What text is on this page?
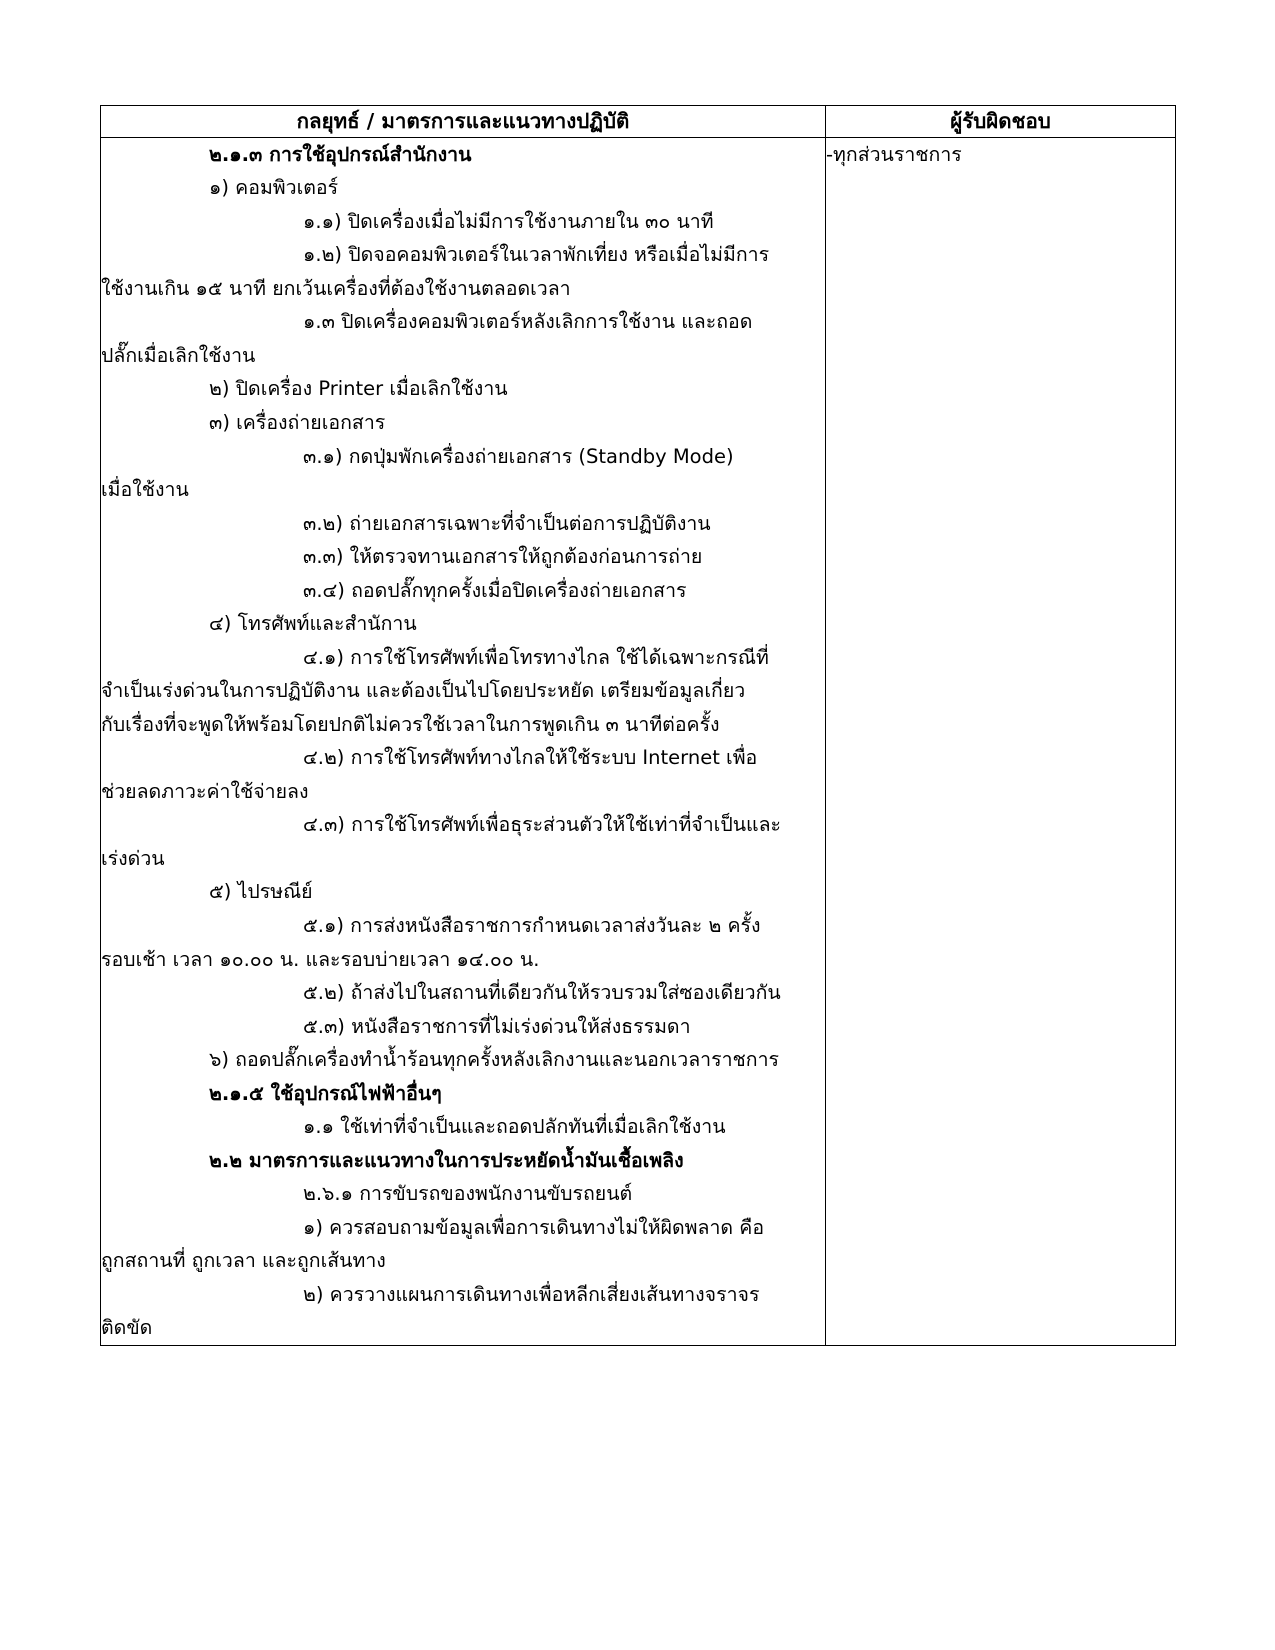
กลยุทธ์ / มาตรการและแนวทางปฏิบัติ	ผู้รับผิดชอบ

๒.๑.๓ การใช้อุปกรณ์สำนักงาน

๑) คอมพิวเตอร์

๑.๑) ปิดเครื่องเมื่อไม่มีการใช้งานภายใน ๓๐ นาที

๑.๒) ปิดจอคอมพิวเตอร์ในเวลาพักเที่ยง หรือเมื่อไม่มีการ

ใช้งานเกิน ๑๕ นาที ยกเว้นเครื่องที่ต้องใช้งานตลอดเวลา

๑.๓ ปิดเครื่องคอมพิวเตอร์หลังเลิกการใช้งาน และถอด

ปลั๊กเมื่อเลิกใช้งาน

๒) ปิดเครื่อง Printer เมื่อเลิกใช้งาน

๓) เครื่องถ่ายเอกสาร

๓.๑) กดปุ่มพักเครื่องถ่ายเอกสาร (Standby Mode)

เมื่อใช้งาน

๓.๒) ถ่ายเอกสารเฉพาะที่จำเป็นต่อการปฏิบัติงาน

๓.๓) ให้ตรวจทานเอกสารให้ถูกต้องก่อนการถ่าย

๓.๔) ถอดปลั๊กทุกครั้งเมื่อปิดเครื่องถ่ายเอกสาร

๔) โทรศัพท์และสำนักาน

๔.๑) การใช้โทรศัพท์เพื่อโทรทางไกล ใช้ได้เฉพาะกรณีที่

จำเป็นเร่งด่วนในการปฏิบัติงาน และต้องเป็นไปโดยประหยัด เตรียมข้อมูลเกี่ยว

กับเรื่องที่จะพูดให้พร้อมโดยปกติไม่ควรใช้เวลาในการพูดเกิน ๓ นาทีต่อครั้ง

๔.๒) การใช้โทรศัพท์ทางไกลให้ใช้ระบบ Internet เพื่อ

ช่วยลดภาวะค่าใช้จ่ายลง

๔.๓) การใช้โทรศัพท์เพื่อธุระส่วนตัวให้ใช้เท่าที่จำเป็นและ

เร่งด่วน

๕) ไปรษณีย์

๕.๑) การส่งหนังสือราชการกำหนดเวลาส่งวันละ ๒ ครั้ง

รอบเช้า เวลา ๑๐.๐๐ น. และรอบบ่ายเวลา ๑๔.๐๐ น.

๕.๒) ถ้าส่งไปในสถานที่เดียวกันให้รวบรวมใส่ซองเดียวกัน

๕.๓) หนังสือราชการที่ไม่เร่งด่วนให้ส่งธรรมดา

๖) ถอดปลั๊กเครื่องทำน้ำร้อนทุกครั้งหลังเลิกงานและนอกเวลาราชการ

๒.๑.๕ ใช้อุปกรณ์ไฟฟ้าอื่นๆ

๑.๑ ใช้เท่าที่จำเป็นและถอดปลักทันที่เมื่อเลิกใช้งาน

๒.๒ มาตรการและแนวทางในการประหยัดน้ำมันเชื้อเพลิง

๒.๖.๑ การขับรถของพนักงานขับรถยนต์

๑) ควรสอบถามข้อมูลเพื่อการเดินทางไม่ให้ผิดพลาด คือ

ถูกสถานที่ ถูกเวลา และถูกเส้นทาง

๒) ควรวางแผนการเดินทางเพื่อหลีกเสี่ยงเส้นทางจราจร

ติดขัด

	-ทุกส่วนราชการ
